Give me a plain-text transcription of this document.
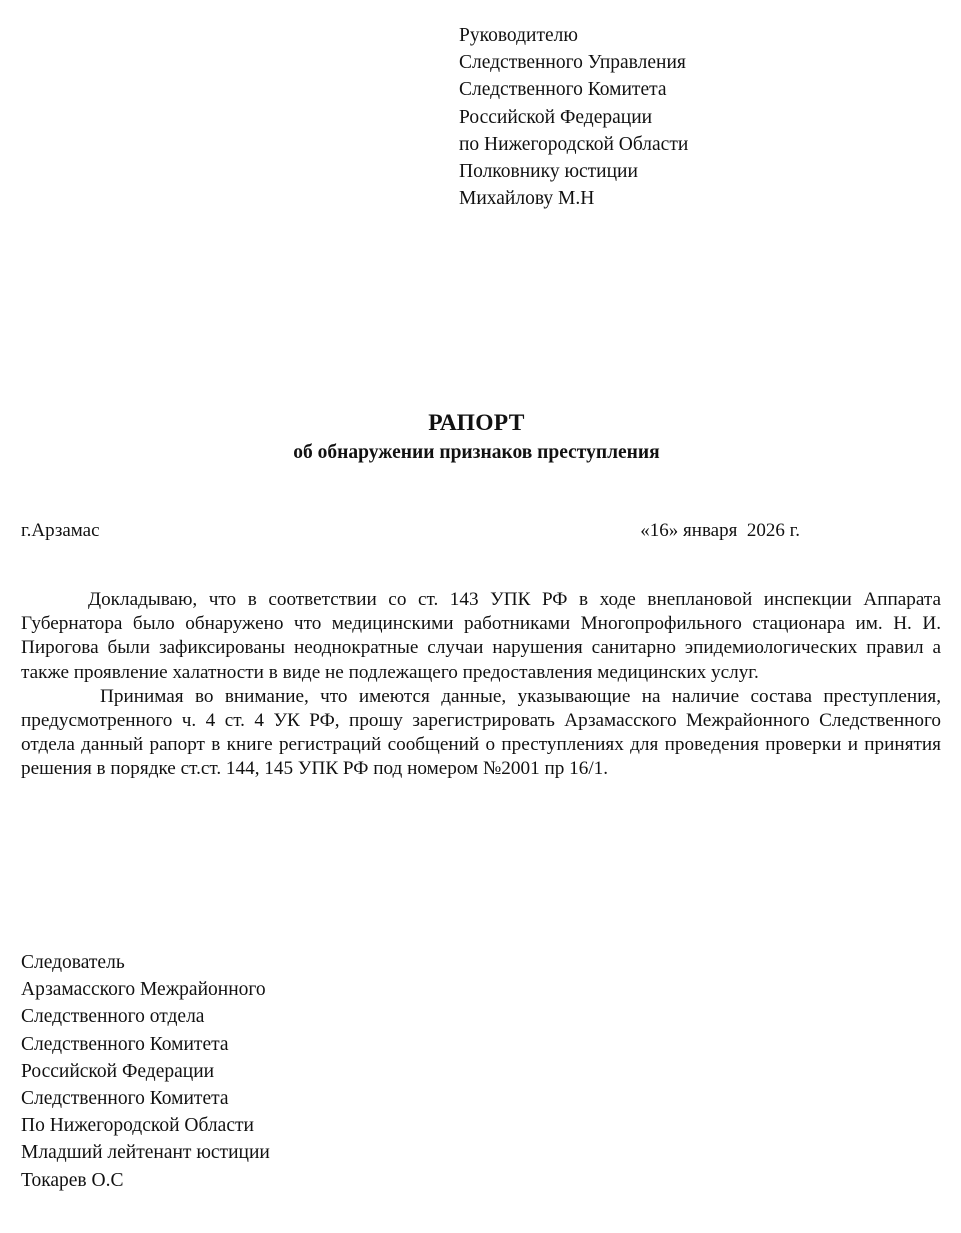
Руководителю
Следственного Управления
Следственного Комитета
Российской Федерации
по Нижегородской Области
Полковнику юстиции
Михайлову М.Н
РАПОРТ
об обнаружении признаков преступления
г.Арзамас	«16» января  2026 г.

Докладываю, что в соответствии со ст. 143 УПК РФ в ходе внеплановой инспекции Аппарата Губернатора было обнаружено что медицинскими работниками Многопрофильного стационара им. Н. И. Пирогова были зафиксированы неоднократные случаи нарушения санитарно эпидемиологических правил а также проявление халатности в виде не подлежащего предоставления медицинских услуг.

Принимая во внимание, что имеются данные, указывающие на наличие состава преступления, предусмотренного ч. 4 ст. 4 УК РФ, прошу зарегистрировать Арзамасского Межрайонного Следственного отдела данный рапорт в книге регистраций сообщений о преступлениях для проведения проверки и принятия решения в порядке ст.ст. 144, 145 УПК РФ под номером №2001 пр 16/1.

Следователь
Арзамасского Межрайонного
Следственного отдела
Следственного Комитета
Российской Федерации
Следственного Комитета
По Нижегородской Области
Младший лейтенант юстиции
Токарев О.С
